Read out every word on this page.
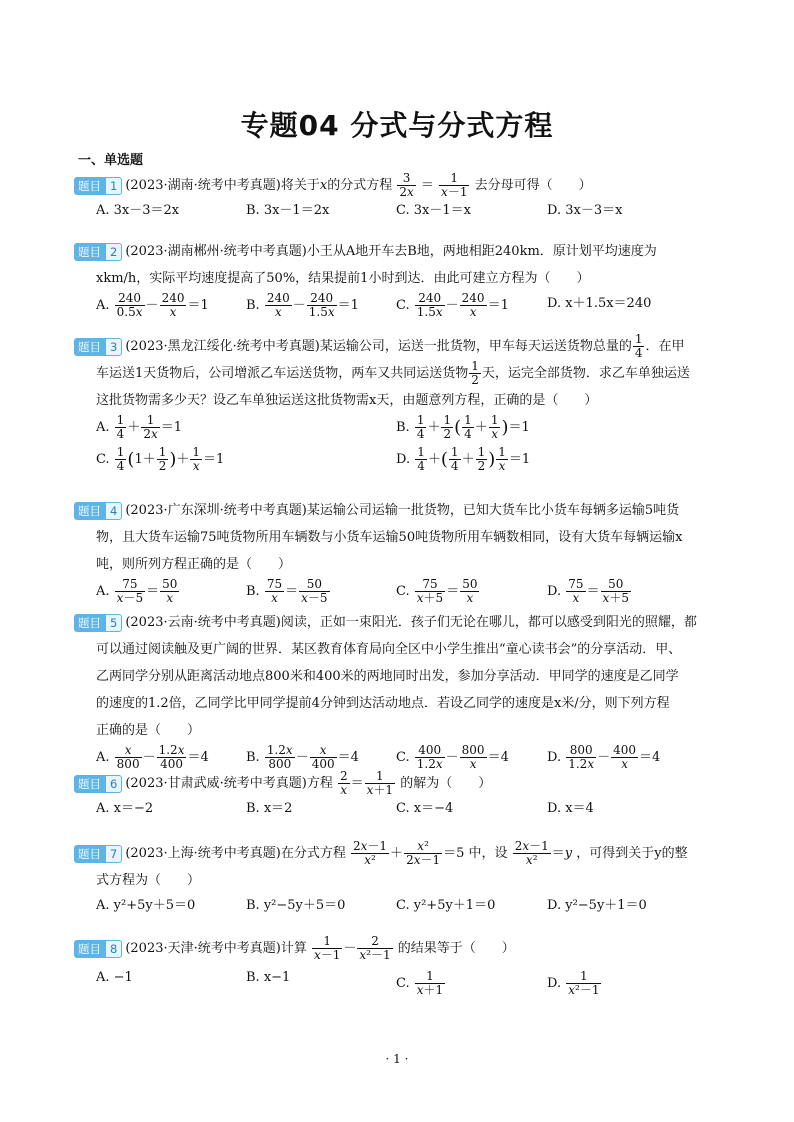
专题04 分式与分式方程
一、单选题
题目 1 (2023·湖南·统考中考真题)将关于x的分式方程 $\frac{3}{2x} = \frac{1}{x-1}$ 去分母可得（　　）
A. 3x－3＝2x	B. 3x－1＝2x	C. 3x－1＝x	D. 3x－3＝x
题目 2 (2023·湖南郴州·统考中考真题)小王从A地开车去B地，两地相距240km．原计划平均速度为
xkm/h，实际平均速度提高了50%，结果提前1小时到达．由此可建立方程为（　　）
A. $\frac{240}{0.5x} - \frac{240}{x} =1$	B. $\frac{240}{x} - \frac{240}{1.5x} =1$	C. $\frac{240}{1.5x} - \frac{240}{x} =1$	D. x＋1.5x＝240
题目 3 (2023·黑龙江绥化·统考中考真题)某运输公司，运送一批货物，甲车每天运送货物总量的 $\frac{1}{4}$ ．在甲
车运送1天货物后，公司增派乙车运送货物，两车又共同运送货物 $\frac{1}{2}$ 天，运完全部货物．求乙车单独运送
这批货物需多少天？设乙车单独运送这批货物需x天，由题意列方程，正确的是（　　）
A. $\frac{1}{4} + \frac{1}{2x} =1$	B. $\frac{1}{4} + \frac{1}{2}$ ( $\frac{1}{4} + \frac{1}{x} )=1$
C. $\frac{1}{4} (1+ \frac{1}{2}$ )＋ $\frac{1}{x} =1$	D. $\frac{1}{4}$ ＋( $\frac{1}{4} + \frac{1}{2}$ ) $\frac{1}{x} =1$
题目 4 (2023·广东深圳·统考中考真题)某运输公司运输一批货物，已知大货车比小货车每辆多运输5吨货
物，且大货车运输75吨货物所用车辆数与小货车运输50吨货物所用车辆数相同，设有大货车每辆运输x
吨，则所列方程正确的是（　　）
A. $\frac{75}{x-5} = \frac{50}{x}$	B. $\frac{75}{x} = \frac{50}{x-5}$	C. $\frac{75}{x+5} = \frac{50}{x}$	D. $\frac{75}{x} = \frac{50}{x+5}$
题目 5 (2023·云南·统考中考真题)阅读，正如一束阳光．孩子们无论在哪儿，都可以感受到阳光的照耀，都
可以通过阅读触及更广阔的世界．某区教育体育局向全区中小学生推出“童心读书会”的分享活动．甲、
乙两同学分别从距离活动地点800米和400米的两地同时出发，参加分享活动．甲同学的速度是乙同学
的速度的1.2倍，乙同学比甲同学提前4分钟到达活动地点．若设乙同学的速度是x米/分，则下列方程
正确的是（　　）
A. $\frac{x}{800} - \frac{1.2x}{400} =4$	B. $\frac{1.2x}{800} - \frac{x}{400} =4$	C. $\frac{400}{1.2x} - \frac{800}{x} =4$	D. $\frac{800}{1.2x} - \frac{400}{x} =4$
题目 6 (2023·甘肃武威·统考中考真题)方程 $\frac{2}{x} = \frac{1}{x+1}$ 的解为（　　）
A. x＝−2	B. x＝2	C. x＝−4	D. x＝4
题目 7 (2023·上海·统考中考真题)在分式方程 $\frac{2x-1}{\text{x²}} + \frac{\text{x²}}{2x-1} =5$ 中，设 $\frac{2x-1}{\text{x²}} =y$ ，可得到关于y的整
式方程为（　　）
A. y²+5y＋5＝0	B. y²−5y＋5＝0	C. y²+5y＋1＝0	D. y²−5y＋1＝0
题目 8 (2023·天津·统考中考真题)计算 $\frac{1}{x-1} - \frac{2}{\text{x²－1}}$ 的结果等于（　　）
A. −1	B. x−1	C. $\frac{1}{x+1}$	D. $\frac{1}{\text{x²－1}}$
· 1 ·
